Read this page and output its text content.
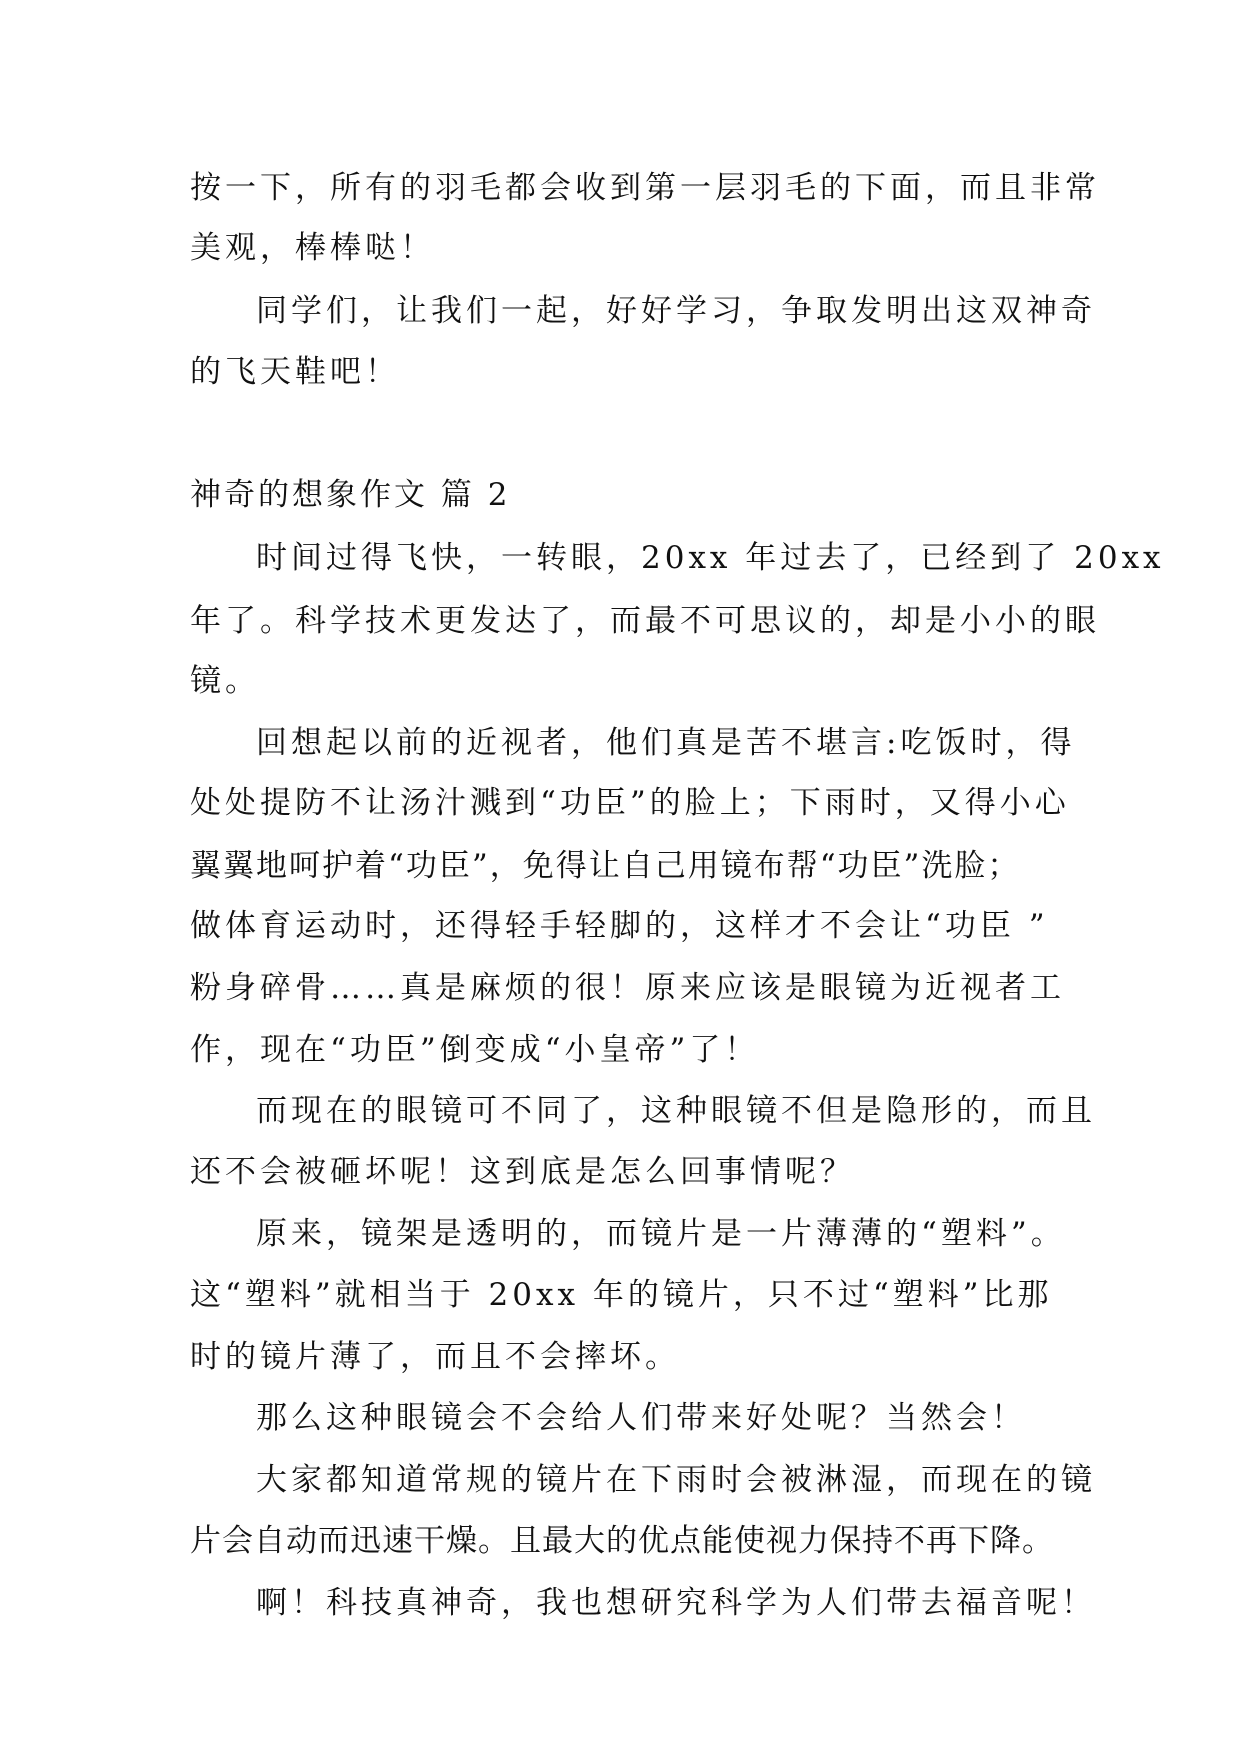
按一下，所有的羽毛都会收到第一层羽毛的下面，而且非常
美观，棒棒哒！
同学们，让我们一起，好好学习，争取发明出这双神奇
的飞天鞋吧！
神奇的想象作文 篇 2
时间过得飞快，一转眼，20xx 年过去了，已经到了 20xx
年了。科学技术更发达了，而最不可思议的，却是小小的眼
镜。
回想起以前的近视者，他们真是苦不堪言:吃饭时，得
处处提防不让汤汁溅到“功臣”的脸上；下雨时，又得小心
翼翼地呵护着“功臣”，免得让自己用镜布帮“功臣”洗脸；
做体育运动时，还得轻手轻脚的，这样才不会让“功臣 ”
粉身碎骨……真是麻烦的很！原来应该是眼镜为近视者工
作，现在“功臣”倒变成“小皇帝”了！
而现在的眼镜可不同了，这种眼镜不但是隐形的，而且
还不会被砸坏呢！这到底是怎么回事情呢？
原来，镜架是透明的，而镜片是一片薄薄的“塑料”。
这“塑料”就相当于 20xx 年的镜片，只不过“塑料”比那
时的镜片薄了，而且不会摔坏。
那么这种眼镜会不会给人们带来好处呢？当然会！
大家都知道常规的镜片在下雨时会被淋湿，而现在的镜
片会自动而迅速干燥。且最大的优点能使视力保持不再下降。
啊！科技真神奇，我也想研究科学为人们带去福音呢！
